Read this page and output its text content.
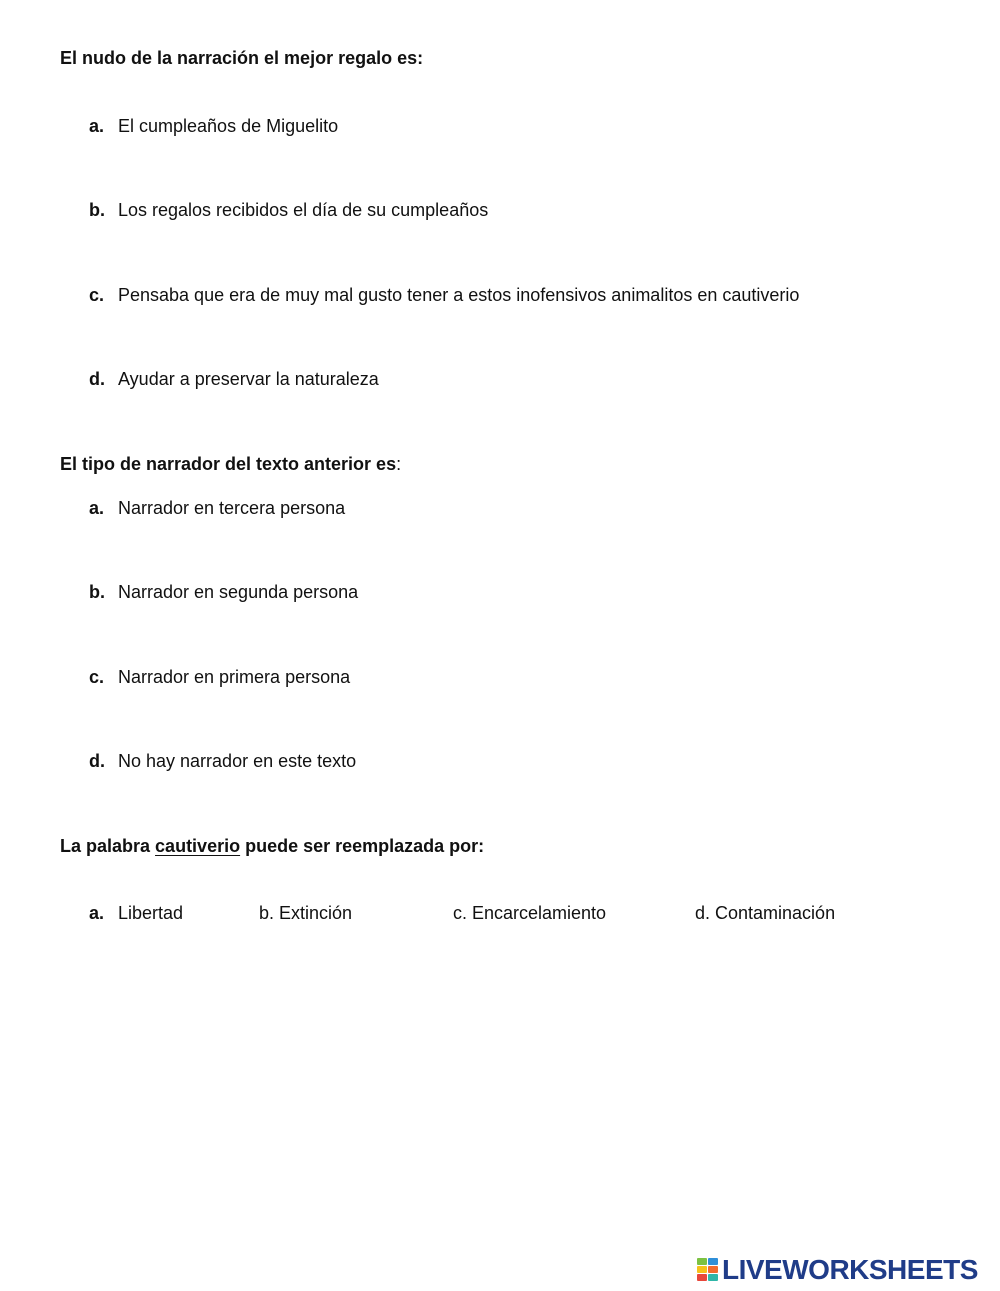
El nudo de la narración el mejor regalo es:
a. El cumpleaños de Miguelito
b. Los regalos recibidos el día de su cumpleaños
c. Pensaba que era de muy mal gusto tener a estos inofensivos animalitos en cautiverio
d. Ayudar a preservar la naturaleza
El tipo de narrador del texto anterior es:
a. Narrador en tercera persona
b. Narrador en segunda persona
c. Narrador en primera persona
d. No hay narrador en este texto
La palabra cautiverio puede ser reemplazada por:
a. Libertad	b. Extinción	c. Encarcelamiento	d. Contaminación
LIVEWORKSHEETS
